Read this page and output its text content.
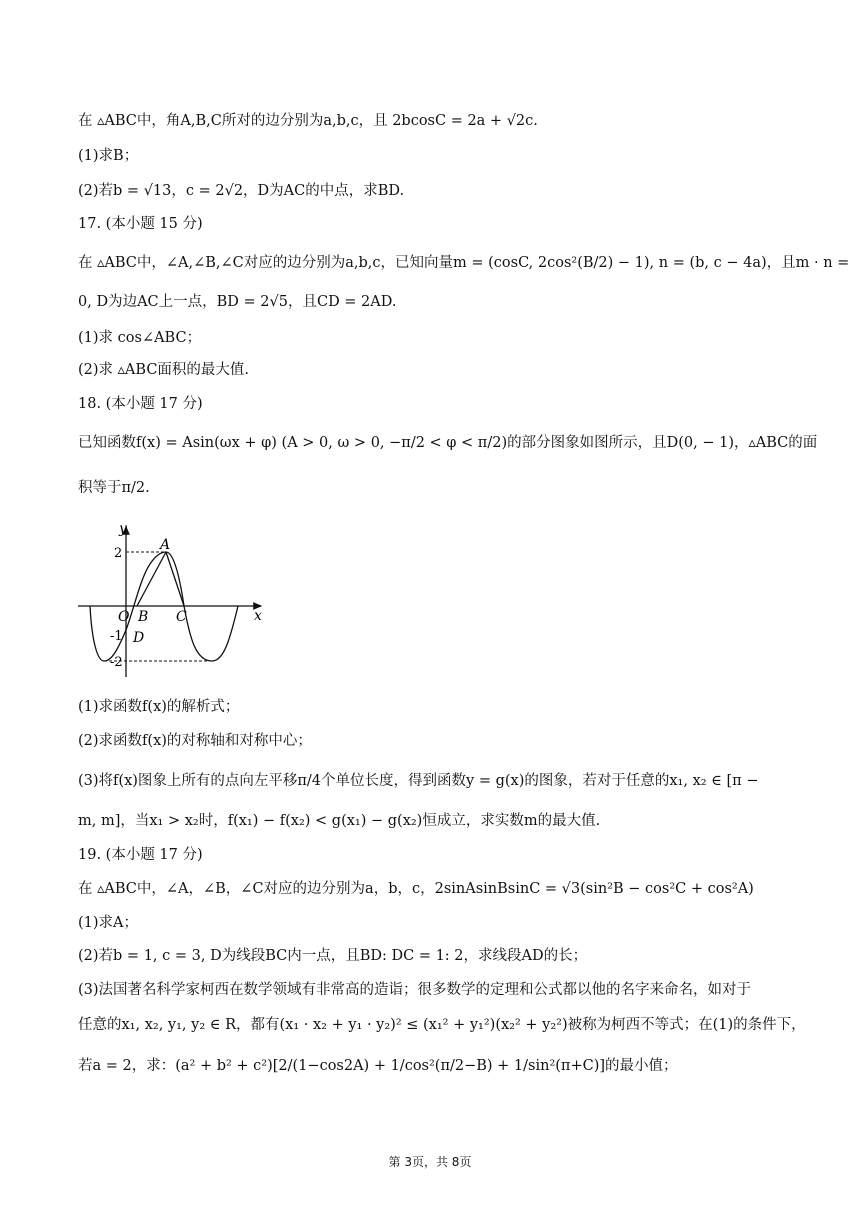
在 ▵ABC中，角A,B,C所对的边分别为a,b,c，且 2bcosC = 2a + √2c.
(1)求B；
(2)若b = √13，c = 2√2，D为AC的中点，求BD.
17. (本小题 15 分)
在 ▵ABC中，∠A,∠B,∠C对应的边分别为a,b,c，已知向量m = (cosC, 2cos²(B/2) − 1), n = (b, c − 4a)，且m · n =
0, D为边AC上一点，BD = 2√5，且CD = 2AD.
(1)求 cos∠ABC；
(2)求 ▵ABC面积的最大值.
18. (本小题 17 分)
已知函数f(x) = Asin(ωx + φ) (A > 0, ω > 0, −π/2 < φ < π/2)的部分图象如图所示，且D(0, − 1)，▵ABC的面
积等于π/2.
y
x
2
-1
-2
O
A
B C
D
(1)求函数f(x)的解析式；
(2)求函数f(x)的对称轴和对称中心；
(3)将f(x)图象上所有的点向左平移π/4个单位长度，得到函数y = g(x)的图象，若对于任意的x₁, x₂ ∈ [π −
m, m]，当x₁ > x₂时，f(x₁) − f(x₂) < g(x₁) − g(x₂)恒成立，求实数m的最大值.
19. (本小题 17 分)
在 ▵ABC中，∠A，∠B，∠C对应的边分别为a，b，c，2sinAsinBsinC = √3(sin²B − cos²C + cos²A)
(1)求A；
(2)若b = 1, c = 3, D为线段BC内一点，且BD: DC = 1: 2，求线段AD的长；
(3)法国著名科学家柯西在数学领域有非常高的造诣；很多数学的定理和公式都以他的名字来命名，如对于
任意的x₁, x₂, y₁, y₂ ∈ R，都有(x₁ · x₂ + y₁ · y₂)² ≤ (x₁² + y₁²)(x₂² + y₂²)被称为柯西不等式；在(1)的条件下，
若a = 2，求：(a² + b² + c²)[2/(1−cos2A) + 1/cos²(π/2−B) + 1/sin²(π+C)]的最小值；
第 3页，共 8页
